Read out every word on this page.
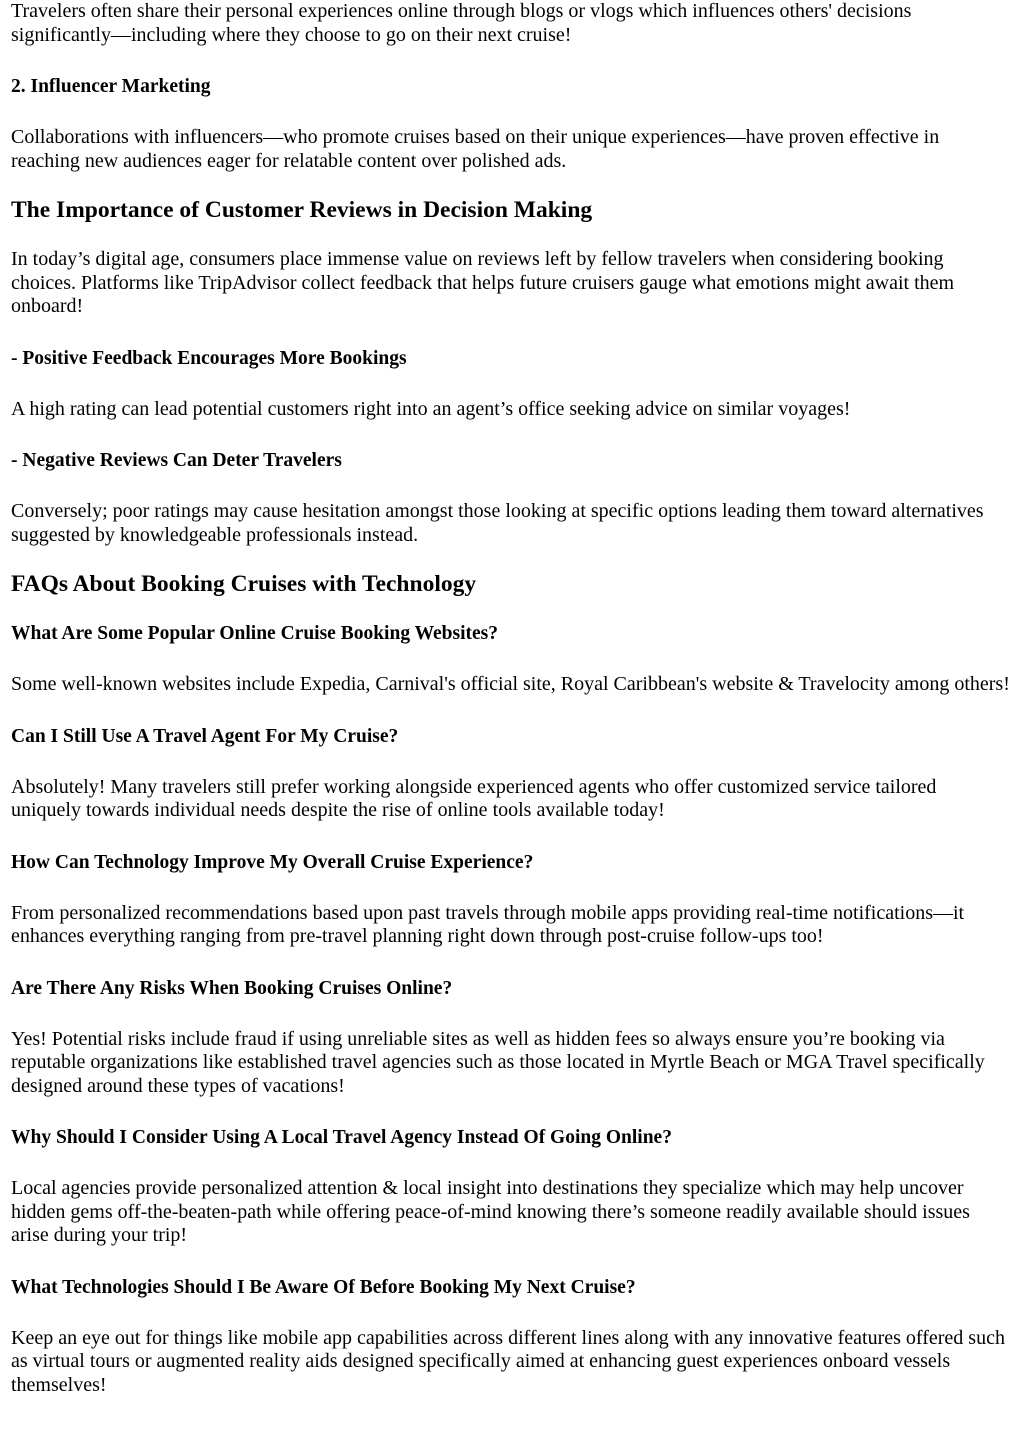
Travelers often share their personal experiences online through blogs or vlogs which influences others' decisions significantly—including where they choose to go on their next cruise!

2. Influencer Marketing

Collaborations with influencers—who promote cruises based on their unique experiences—have proven effective in reaching new audiences eager for relatable content over polished ads.

The Importance of Customer Reviews in Decision Making

In today’s digital age, consumers place immense value on reviews left by fellow travelers when considering booking choices. Platforms like TripAdvisor collect feedback that helps future cruisers gauge what emotions might await them onboard!

- Positive Feedback Encourages More Bookings

A high rating can lead potential customers right into an agent’s office seeking advice on similar voyages!

- Negative Reviews Can Deter Travelers

Conversely; poor ratings may cause hesitation amongst those looking at specific options leading them toward alternatives suggested by knowledgeable professionals instead.

FAQs About Booking Cruises with Technology
What Are Some Popular Online Cruise Booking Websites?

Some well-known websites include Expedia, Carnival's official site, Royal Caribbean's website & Travelocity among others!

Can I Still Use A Travel Agent For My Cruise?

Absolutely! Many travelers still prefer working alongside experienced agents who offer customized service tailored uniquely towards individual needs despite the rise of online tools available today!

How Can Technology Improve My Overall Cruise Experience?

From personalized recommendations based upon past travels through mobile apps providing real-time notifications—it enhances everything ranging from pre-travel planning right down through post-cruise follow-ups too!

Are There Any Risks When Booking Cruises Online?

Yes! Potential risks include fraud if using unreliable sites as well as hidden fees so always ensure you’re booking via reputable organizations like established travel agencies such as those located in Myrtle Beach or MGA Travel specifically designed around these types of vacations!

Why Should I Consider Using A Local Travel Agency Instead Of Going Online?

Local agencies provide personalized attention & local insight into destinations they specialize which may help uncover hidden gems off-the-beaten-path while offering peace-of-mind knowing there’s someone readily available should issues arise during your trip!

What Technologies Should I Be Aware Of Before Booking My Next Cruise?

Keep an eye out for things like mobile app capabilities across different lines along with any innovative features offered such as virtual tours or augmented reality aids designed specifically aimed at enhancing guest experiences onboard vessels themselves!
